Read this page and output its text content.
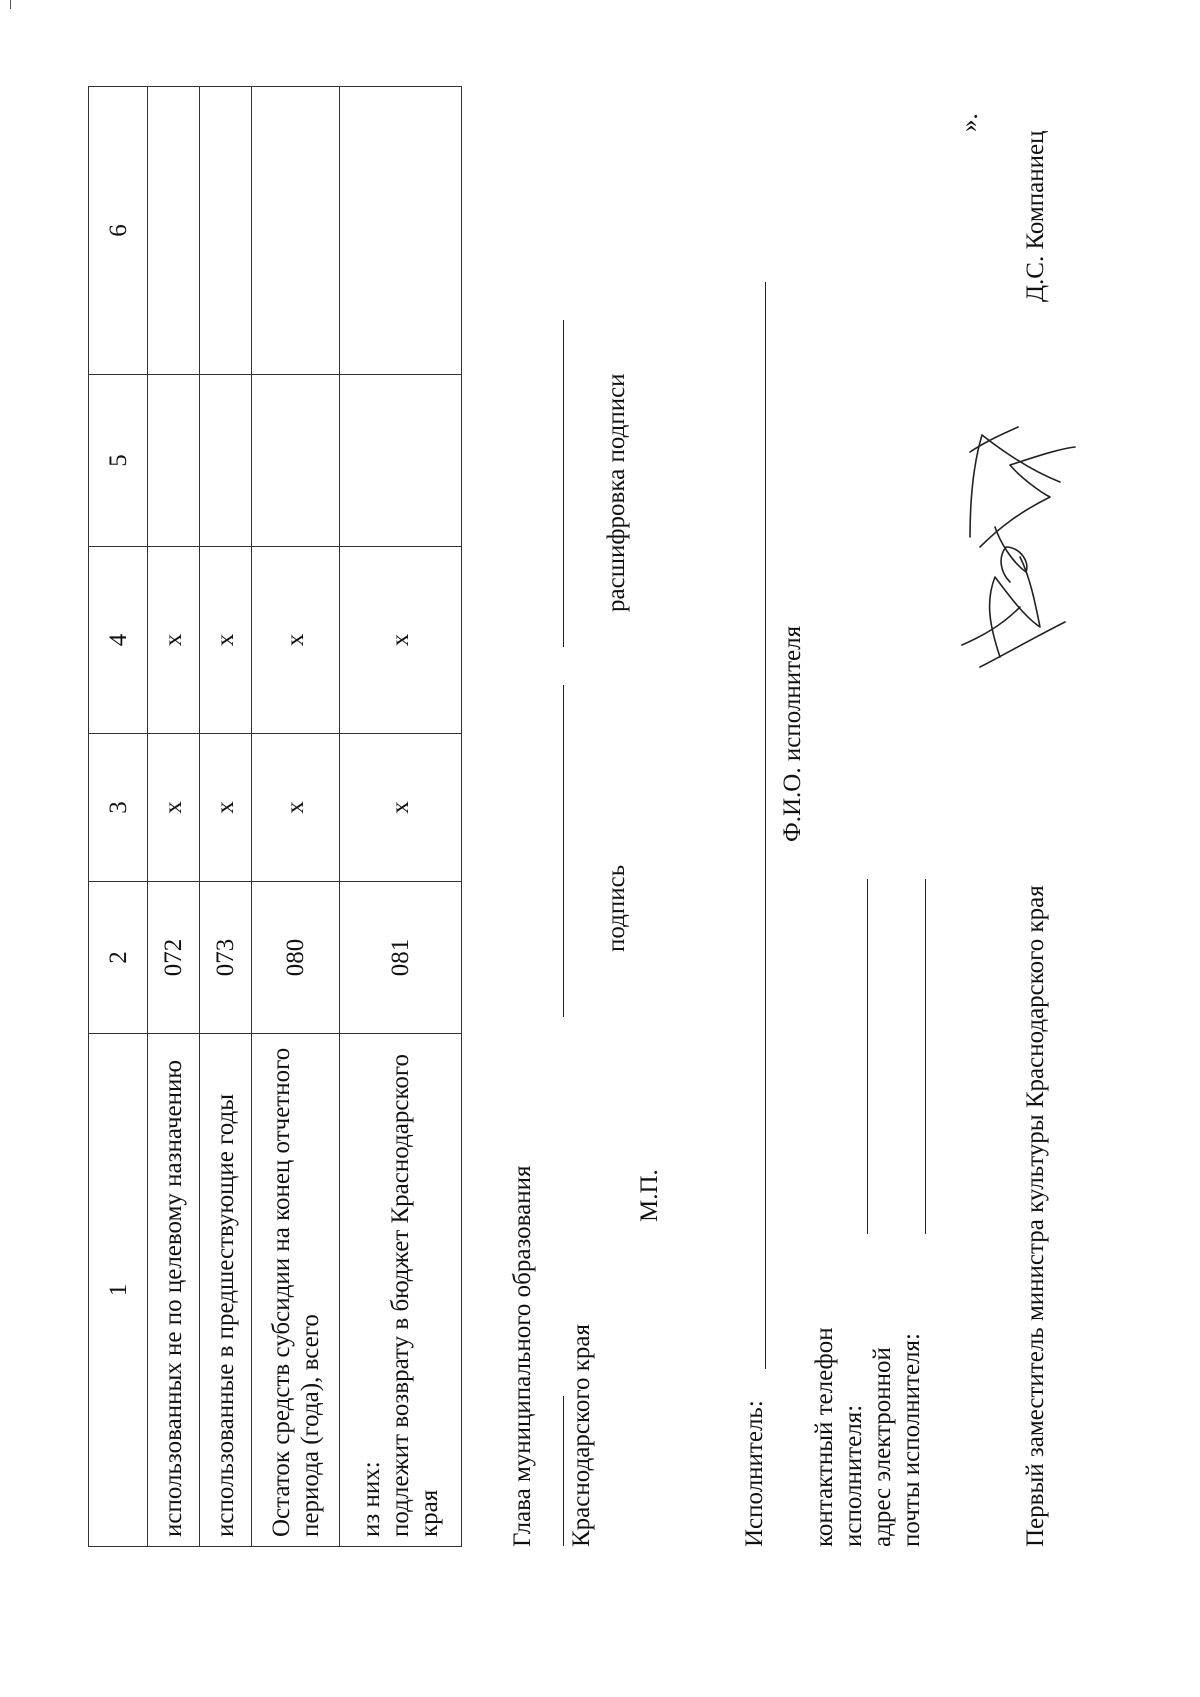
1	2	3	4	5	6
использованных не по целевому назначению	072	x	x		
использованные в предшествующие годы	073	x	x		
Остаток средств субсидии на конец отчетного периода (года), всего	080	x	x		
из них:
подлежит возврату в бюджет Краснодарского края	081	x	x		
Глава муниципального образования Краснодарского края
подпись
расшифровка подписи
М.П.
Исполнитель:
Ф.И.О. исполнителя
контактный телефон исполнителя: адрес электронной почты исполнителя:
».
Первый заместитель министра культуры Краснодарского края
Д.С. Компаниец
